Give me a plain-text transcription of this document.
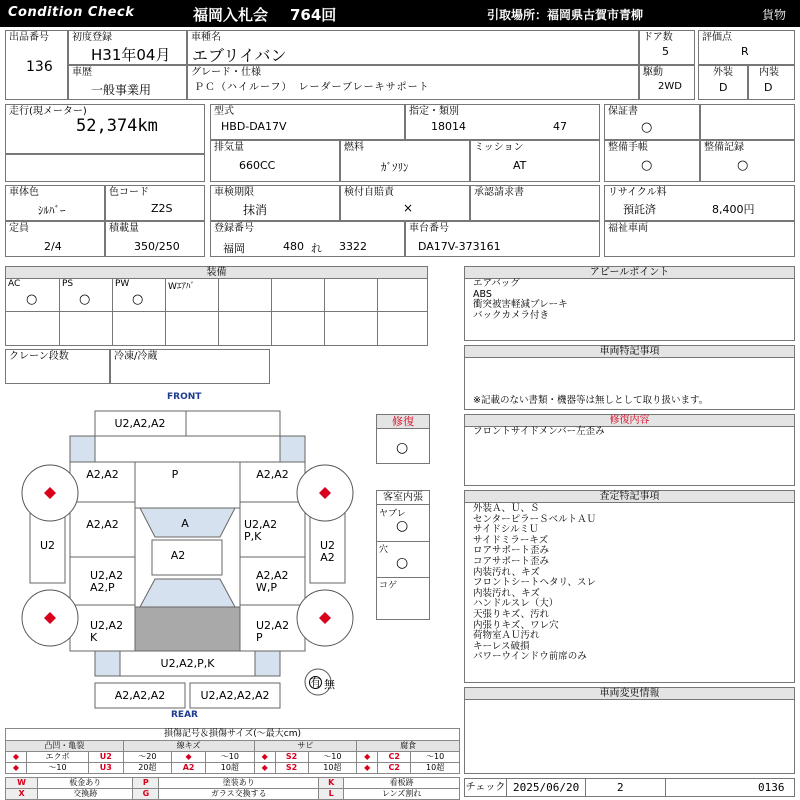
Condition Check	福岡入札会 764回	引取場所：福岡県古賀市青柳	貨物
出品番号
136
初度登録
H31年04月
車種名
エブリイバン
ドア数
5
評価点
R
車歴
一般事業用
グレード・仕様
ＰＣ（ハイルーフ）　レーダーブレーキサポート
駆動
2WD
外装
D
内装
D
走行(現メーター)
52,374km
型式
HBD-DA17V
指定・類別
18014	47
排気量
660CC
燃料
ｶﾞｿﾘﾝ
ミッション
AT
保証書
○
整備手帳
○
整備記録
○
車体色
ｼﾙﾊﾞｰ
色コード
Z2S
定員
2/4
積載量
350/250
車検期限
抹消
検付自賠責
×
承認請求書
登録番号
福岡	480 れ 3322
車台番号
DA17V-373161
リサイクル料
預託済	8,400円
福祉車両
装備
AC
○
PS
○
PW
○
Wｴｱﾊﾞ
クレーン段数	冷凍/冷蔵
アピールポイント
エアバッグ
ABS
衝突被害軽減ブレーキ
バックカメラ付き
車両特記事項
※記載のない書類・機器等は無しとして取り扱います。
修復内容
フロントサイドメンバー左歪み
査定特記事項
外装Ａ、Ｕ、Ｓ
センターピラーＳベルトＡＵ
サイドシルミＵ
サイドミラーキズ
ロアサポート歪み
コアサポート歪み
内装汚れ、キズ
フロントシートヘタリ、スレ
内装汚れ、キズ
ハンドルスレ（大）
天張りキズ、汚れ
内張りキズ、ワレ穴
荷物室ＡＵ汚れ
キーレス破損
パワーウインドウ前席のみ
車両変更情報
修復
○
客室内張
ヤブレ
○
穴
○
コゲ
FRONT
REAR
U2,A2,A2
A2,A2	P	A2,A2
A2,A2	A	U2,A2
P,K
U2
A2
U2
A2
U2,A2
A2,P
A2,A2
W,P
U2,A2
K
U2,A2
P
U2,A2,P,K
A2,A2,A2	U2,A2,A2,A2
有 無
損傷記号＆損傷サイズ(〜最大cm)
凸凹・亀裂			線キズ			サビ			腐食		
◆	エクボ	U2	〜20	◆	〜10	◆	S2	〜10	◆	C2	〜10
◆	〜10	U3	20超	A2	10超	◆	S2	10超	◆	C2	10超
W	板金あり	P	塗装あり	K	看板跡
X	交換跡	G	ガラス交換する	L	レンズ割れ
チェック 2025/06/20	2	0136
